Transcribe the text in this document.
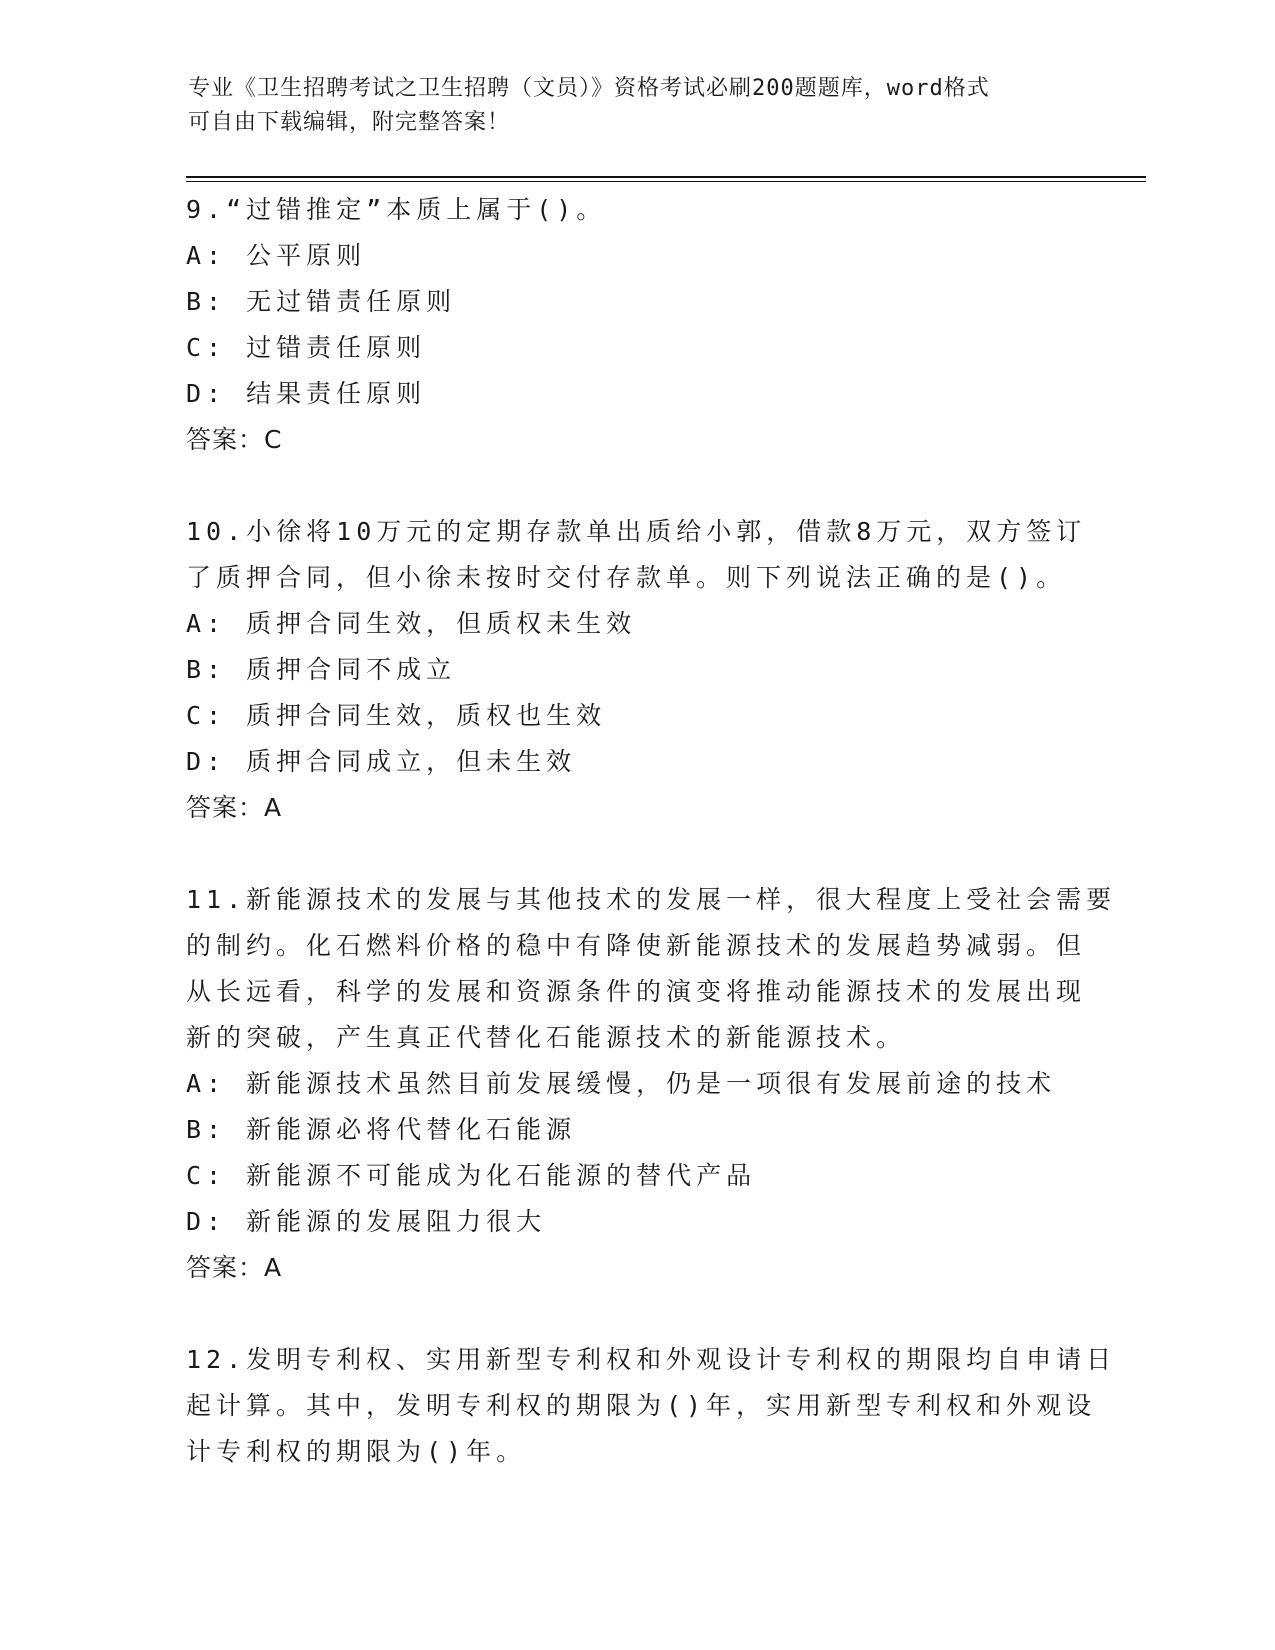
专业《卫生招聘考试之卫生招聘（文员）》资格考试必刷200题题库，word格式
可自由下载编辑，附完整答案！
9.“过错推定”本质上属于()。
A: 公平原则
B: 无过错责任原则
C: 过错责任原则
D: 结果责任原则
答案：C
10.小徐将10万元的定期存款单出质给小郭，借款8万元，双方签订
了质押合同，但小徐未按时交付存款单。则下列说法正确的是()。
A: 质押合同生效，但质权未生效
B: 质押合同不成立
C: 质押合同生效，质权也生效
D: 质押合同成立，但未生效
答案：A
11.新能源技术的发展与其他技术的发展一样，很大程度上受社会需要
的制约。化石燃料价格的稳中有降使新能源技术的发展趋势减弱。但
从长远看，科学的发展和资源条件的演变将推动能源技术的发展出现
新的突破，产生真正代替化石能源技术的新能源技术。
A: 新能源技术虽然目前发展缓慢，仍是一项很有发展前途的技术
B: 新能源必将代替化石能源
C: 新能源不可能成为化石能源的替代产品
D: 新能源的发展阻力很大
答案：A
12.发明专利权、实用新型专利权和外观设计专利权的期限均自申请日
起计算。其中，发明专利权的期限为()年，实用新型专利权和外观设
计专利权的期限为()年。
